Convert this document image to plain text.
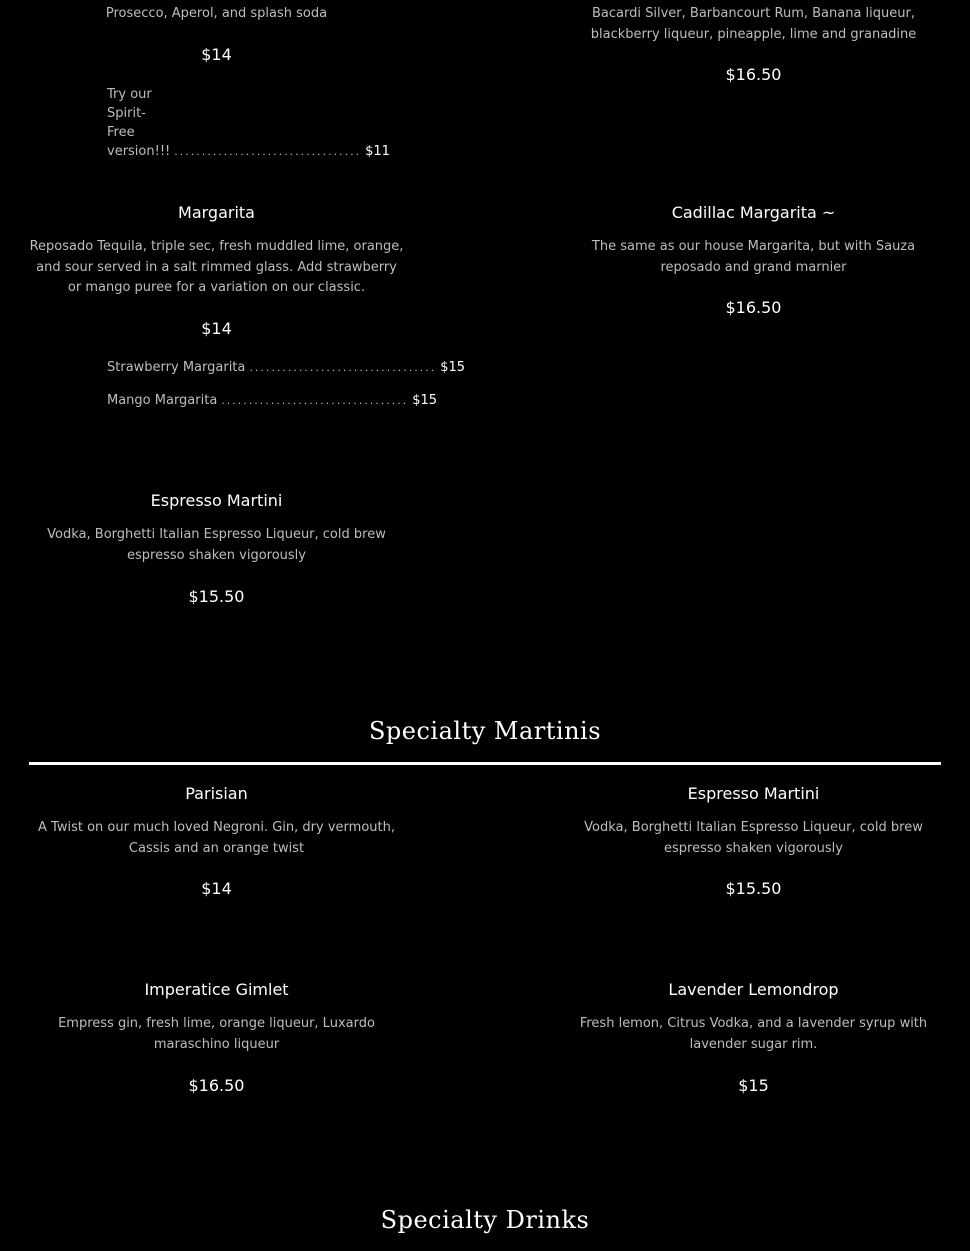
Prosecco, Aperol, and splash soda
$14
Try our Spirit-Free version!!! .................................. $11
Bacardi Silver, Barbancourt Rum, Banana liqueur, blackberry liqueur, pineapple, lime and granadine
$16.50
Margarita
Reposado Tequila, triple sec, fresh muddled lime, orange, and sour served in a salt rimmed glass. Add strawberry or mango puree for a variation on our classic.
$14
Strawberry Margarita .................................. $15
Mango Margarita .................................. $15
Cadillac Margarita ~
The same as our house Margarita, but with Sauza reposado and grand marnier
$16.50
Espresso Martini
Vodka, Borghetti Italian Espresso Liqueur, cold brew espresso shaken vigorously
$15.50
Specialty Martinis
Parisian
A Twist on our much loved Negroni. Gin, dry vermouth, Cassis and an orange twist
$14
Espresso Martini
Vodka, Borghetti Italian Espresso Liqueur, cold brew espresso shaken vigorously
$15.50
Imperatice Gimlet
Empress gin, fresh lime, orange liqueur, Luxardo maraschino liqueur
$16.50
Lavender Lemondrop
Fresh lemon, Citrus Vodka, and a lavender syrup with lavender sugar rim.
$15
Specialty Drinks
